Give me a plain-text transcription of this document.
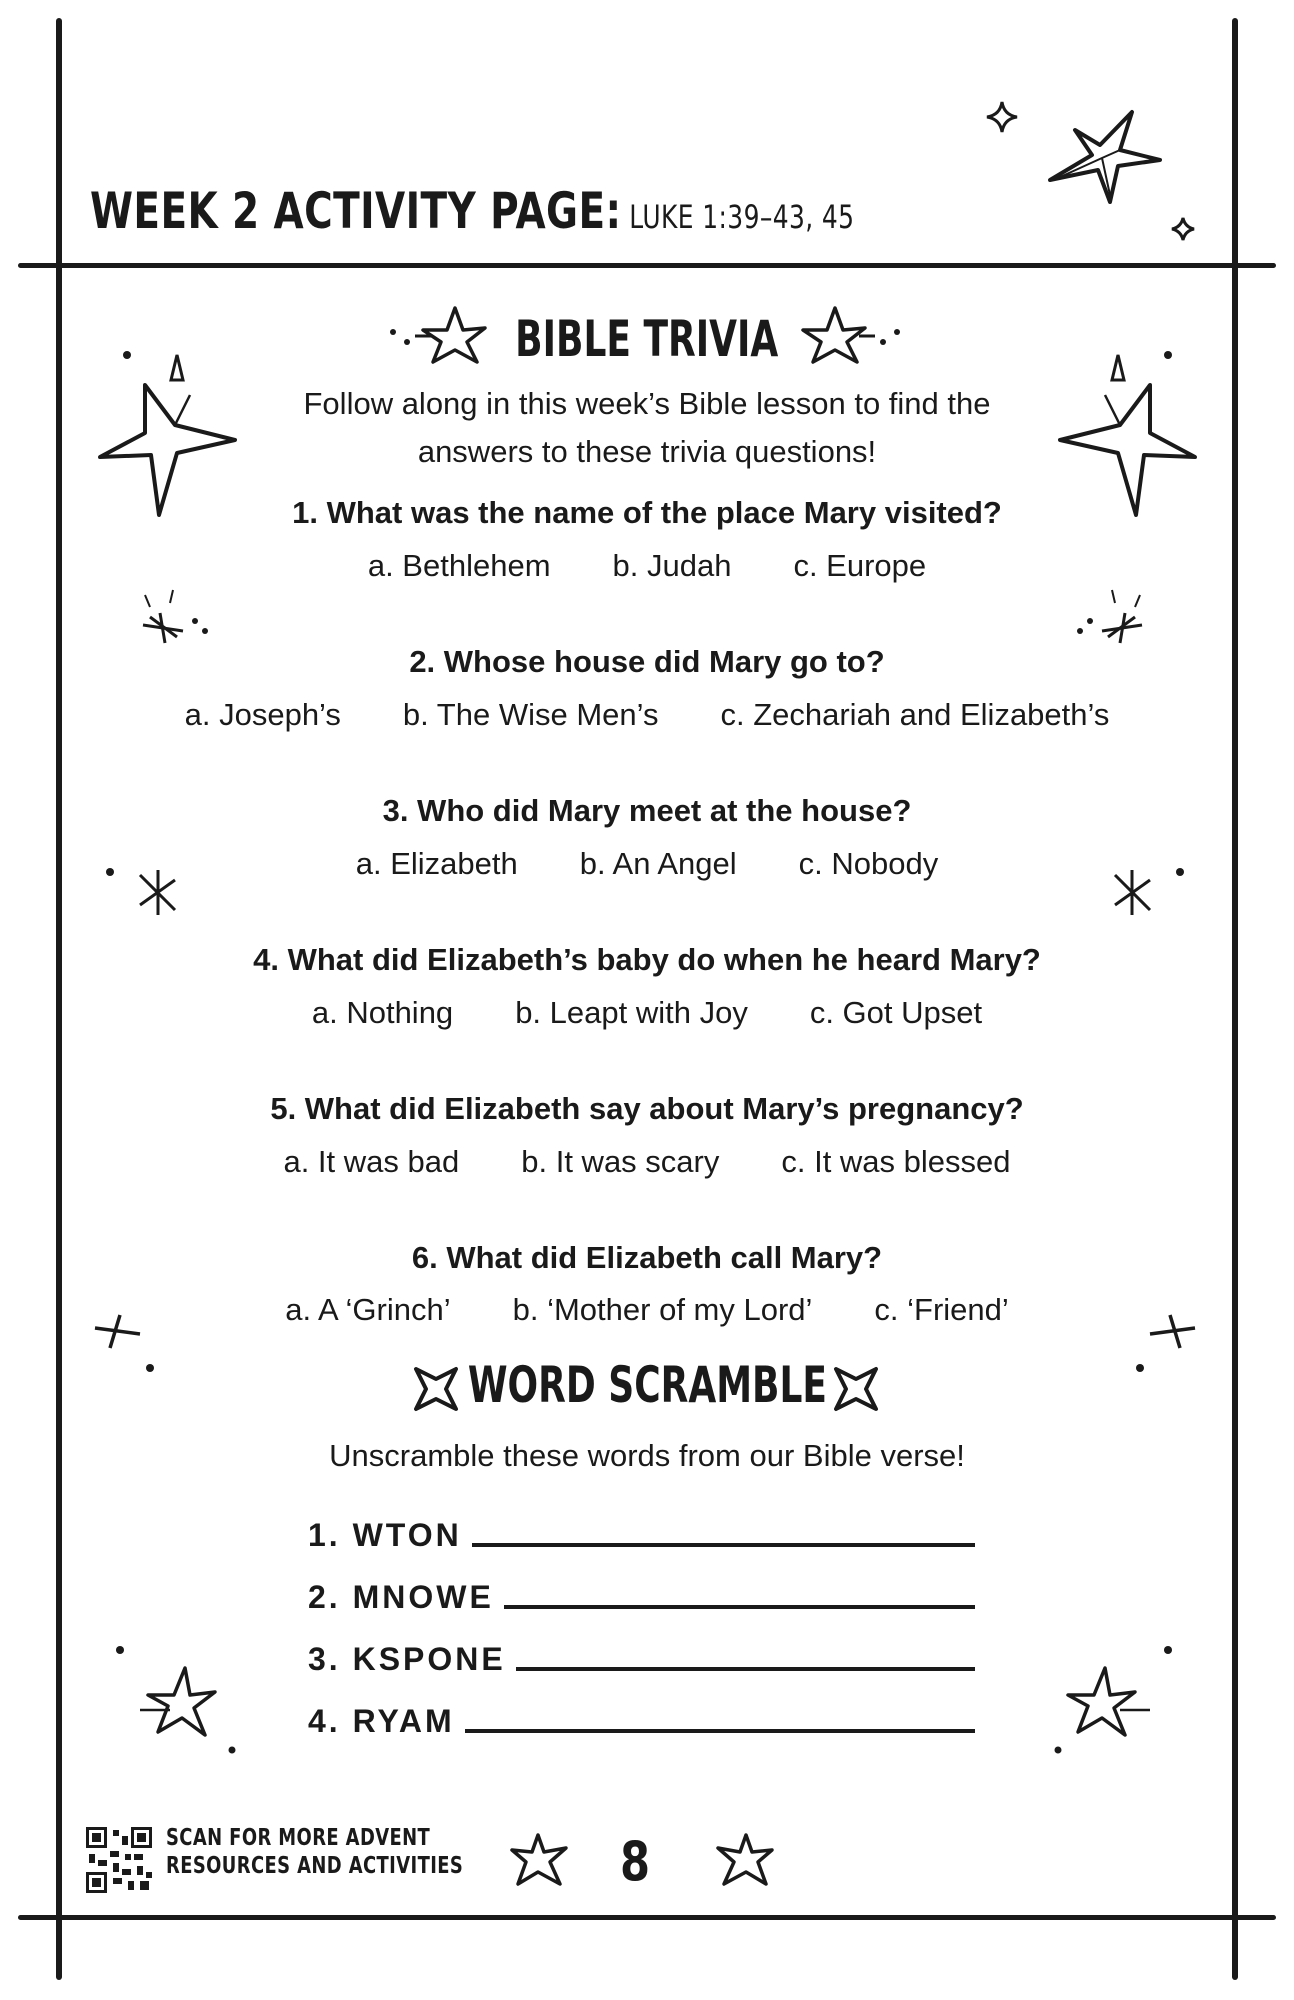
WEEK 2 ACTIVITY PAGE: LUKE 1:39–43, 45
BIBLE TRIVIA
Follow along in this week’s Bible lesson to find the
answers to these trivia questions!
1. What was the name of the place Mary visited?
a. Bethlehem b. Judah c. Europe
2. Whose house did Mary go to?
a. Joseph’s b. The Wise Men’s c. Zechariah and Elizabeth’s
3. Who did Mary meet at the house?
a. Elizabeth b. An Angel c. Nobody
4. What did Elizabeth’s baby do when he heard Mary?
a. Nothing b. Leapt with Joy c. Got Upset
5. What did Elizabeth say about Mary’s pregnancy?
a. It was bad b. It was scary c. It was blessed
6. What did Elizabeth call Mary?
a. A ‘Grinch’ b. ‘Mother of my Lord’ c. ‘Friend’
WORD SCRAMBLE
Unscramble these words from our Bible verse!
1. WTON
2. MNOWE
3. KSPONE
4. RYAM
SCAN FOR MORE ADVENT
RESOURCES AND ACTIVITIES	8
